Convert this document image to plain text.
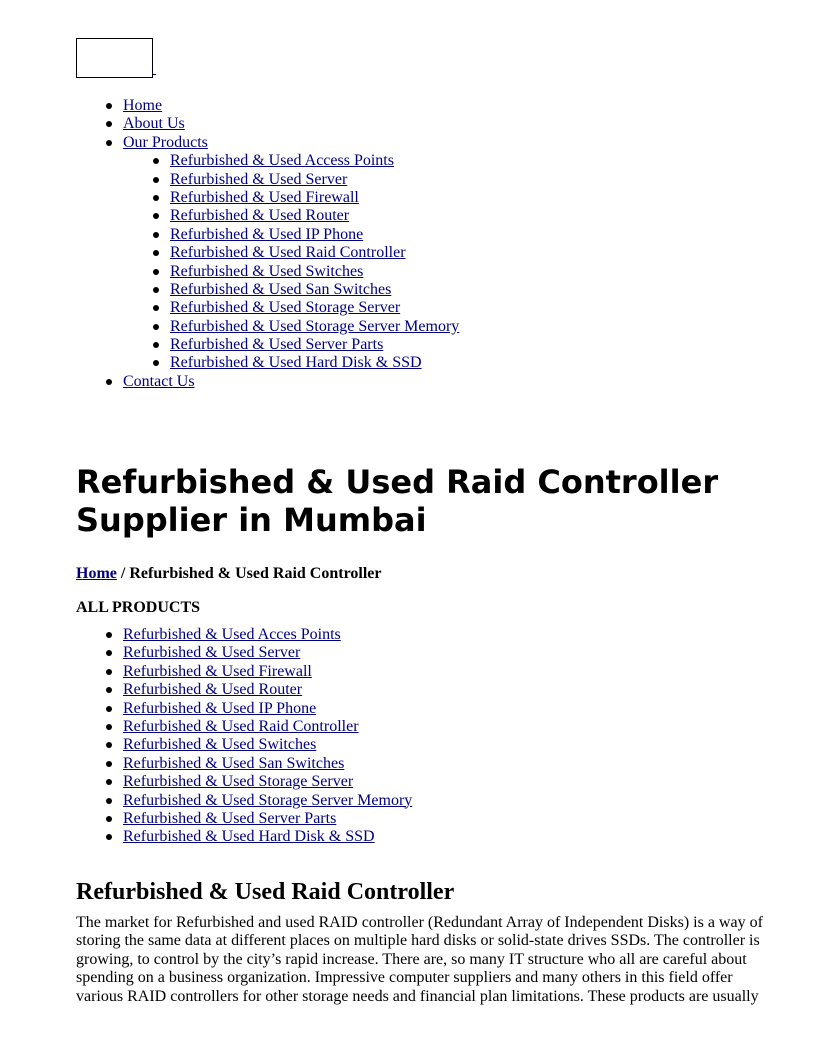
Home
About Us
Our Products
Refurbished & Used Access Points
Refurbished & Used Server
Refurbished & Used Firewall
Refurbished & Used Router
Refurbished & Used IP Phone
Refurbished & Used Raid Controller
Refurbished & Used Switches
Refurbished & Used San Switches
Refurbished & Used Storage Server
Refurbished & Used Storage Server Memory
Refurbished & Used Server Parts
Refurbished & Used Hard Disk & SSD
Contact Us
Refurbished & Used Raid Controller Supplier in Mumbai
Home / Refurbished & Used Raid Controller
ALL PRODUCTS
Refurbished & Used Acces Points
Refurbished & Used Server
Refurbished & Used Firewall
Refurbished & Used Router
Refurbished & Used IP Phone
Refurbished & Used Raid Controller
Refurbished & Used Switches
Refurbished & Used San Switches
Refurbished & Used Storage Server
Refurbished & Used Storage Server Memory
Refurbished & Used Server Parts
Refurbished & Used Hard Disk & SSD
Refurbished & Used Raid Controller

The market for Refurbished and used RAID controller (Redundant Array of Independent Disks) is a way of storing the same data at different places on multiple hard disks or solid-state drives SSDs. The controller is growing, to control by the city’s rapid increase. There are, so many IT structure who all are careful about spending on a business organization. Impressive computer suppliers and many others in this field offer various RAID controllers for other storage needs and financial plan limitations. These products are usually
